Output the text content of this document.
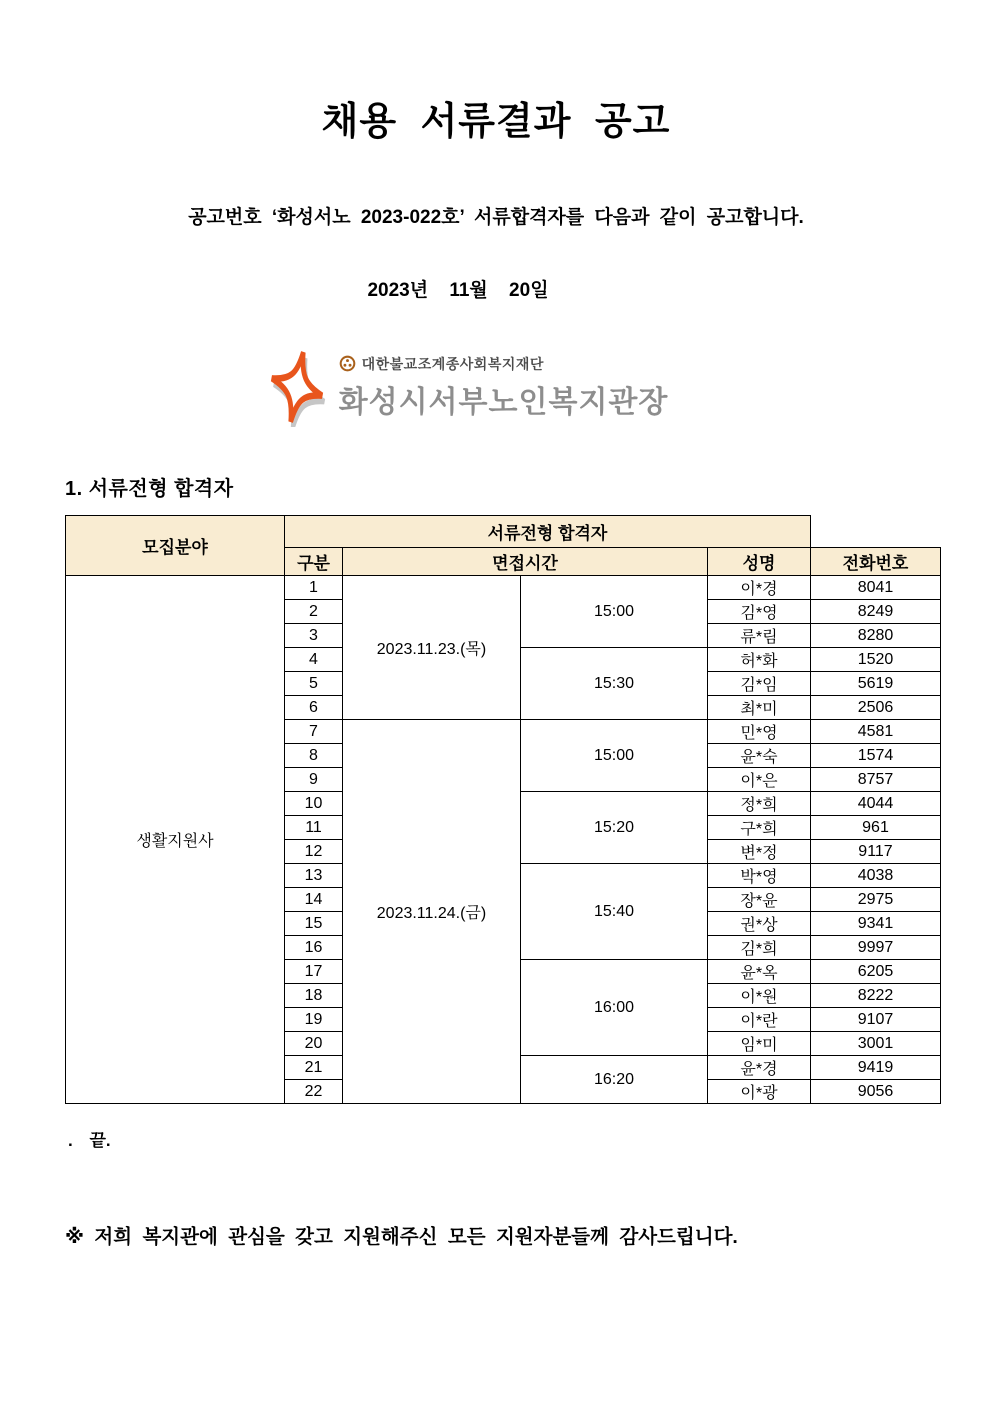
채용 서류결과 공고

공고번호 ‘화성서노 2023-022호’ 서류합격자를 다음과 같이 공고합니다.

2023년 11월 20일

대한불교조계종사회복지재단
화성시서부노인복지관장
1. 서류전형 합격자
모집분야	서류전형 합격자				
	구분	면접시간		성명	전화번호
생활지원사	1	2023.11.23.(목)	15:00	이*경	8041
	2			김*영	8249
	3			류*림	8280
	4		15:30	허*화	1520
	5			김*임	5619
	6			최*미	2506
	7	2023.11.24.(금)	15:00	민*영	4581
	8			윤*숙	1574
	9			이*은	8757
	10		15:20	정*희	4044
	11			구*희	961
	12			변*정	9117
	13		15:40	박*영	4038
	14			장*윤	2975
	15			권*상	9341
	16			김*희	9997
	17		16:00	윤*옥	6205
	18			이*원	8222
	19			이*란	9107
	20			임*미	3001
	21		16:20	윤*경	9419
	22			이*광	9056

. 끝.

※ 저희 복지관에 관심을 갖고 지원해주신 모든 지원자분들께 감사드립니다.
